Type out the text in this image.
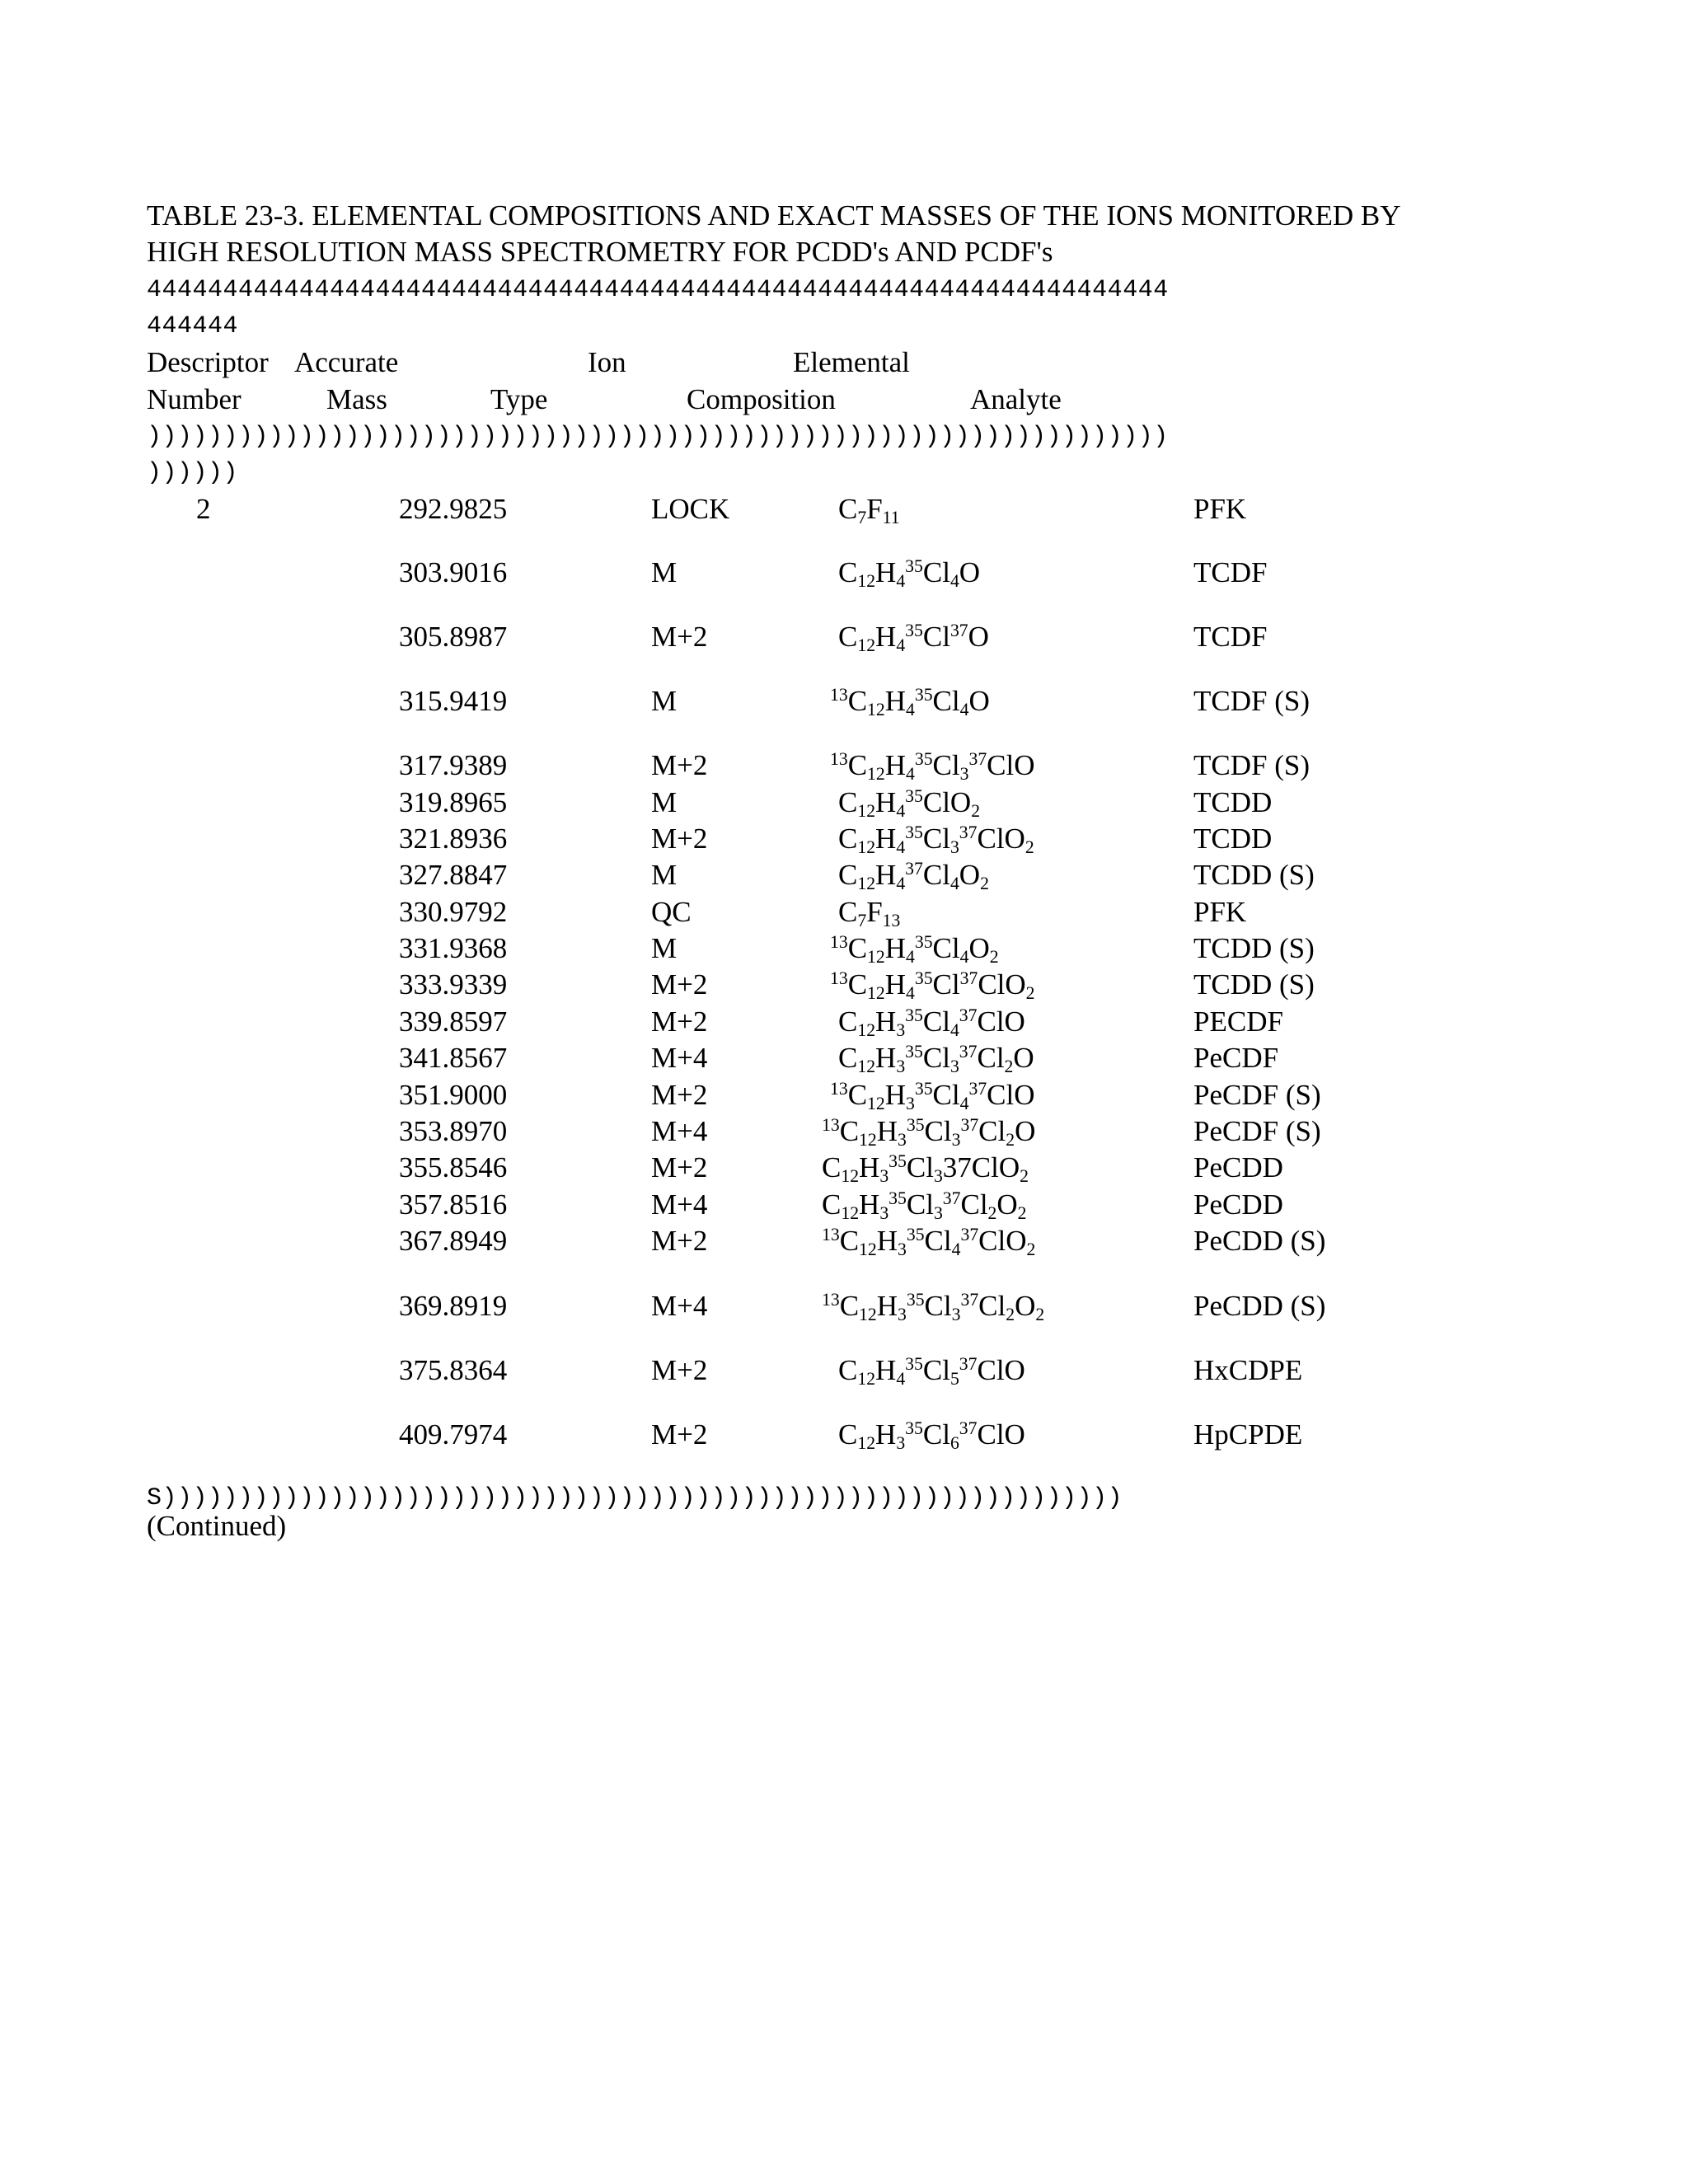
TABLE 23-3. ELEMENTAL COMPOSITIONS AND EXACT MASSES OF THE IONS MONITORED BY
HIGH RESOLUTION MASS SPECTROMETRY FOR PCDD's AND PCDF's
4444444444444444444444444444444444444444444444444444444444444444444
444444
Descriptor Accurate	Ion	Elemental
Number	Mass	Type	Composition	Analyte
)))))))))))))))))))))))))))))))))))))))))))))))))))))))))))))))))))
))))))
2	292.9825	LOCK	$C_7F_{11}$	PFK
303.9016	M	$C_{12}H_4^{35}Cl_4O$	TCDF
305.8987	M+2	$C_{12}H_4^{35}Cl^{37}O$	TCDF
315.9419	M	$^{13}C_{12}H_4^{35}Cl_4O$	TCDF (S)
317.9389	M+2	$^{13}C_{12}H_4^{35}Cl_3^{37}ClO$	TCDF (S)
319.8965	M	$C_{12}H_4^{35}ClO_2$	TCDD
321.8936	M+2	$C_{12}H_4^{35}Cl_3^{37}ClO_2$	TCDD
327.8847	M	$C_{12}H_4^{37}Cl_4O_2$	TCDD (S)
330.9792	QC	$C_7F_{13}$	PFK
331.9368	M	$^{13}C_{12}H_4^{35}Cl_4O_2$	TCDD (S)
333.9339	M+2	$^{13}C_{12}H_4^{35}Cl^{37}ClO_2$	TCDD (S)
339.8597	M+2	$C_{12}H_3^{35}Cl_4^{37}ClO$	PECDF
341.8567	M+4	$C_{12}H_3^{35}Cl_3^{37}Cl_2O$	PeCDF
351.9000	M+2	$^{13}C_{12}H_3^{35}Cl_4^{37}ClO$	PeCDF (S)
353.8970	M+4	$^{13}C_{12}H_3^{35}Cl_3^{37}Cl_2O$	PeCDF (S)
355.8546	M+2	$C_{12}H_3^{35}Cl_337ClO_2$	PeCDD
357.8516	M+4	$C_{12}H_3^{35}Cl_3^{37}Cl_2O_2$	PeCDD
367.8949	M+2	$^{13}C_{12}H_3^{35}Cl_4^{37}ClO_2$	PeCDD (S)
369.8919	M+4	$^{13}C_{12}H_3^{35}Cl_3^{37}Cl_2O_2$	PeCDD (S)
375.8364	M+2	$C_{12}H_4^{35}Cl_5^{37}ClO$	HxCDPE
409.7974	M+2	$C_{12}H_3^{35}Cl_6^{37}ClO$	HpCPDE
S)))))))))))))))))))))))))))))))))))))))))))))))))))))))))))))))
(Continued)
